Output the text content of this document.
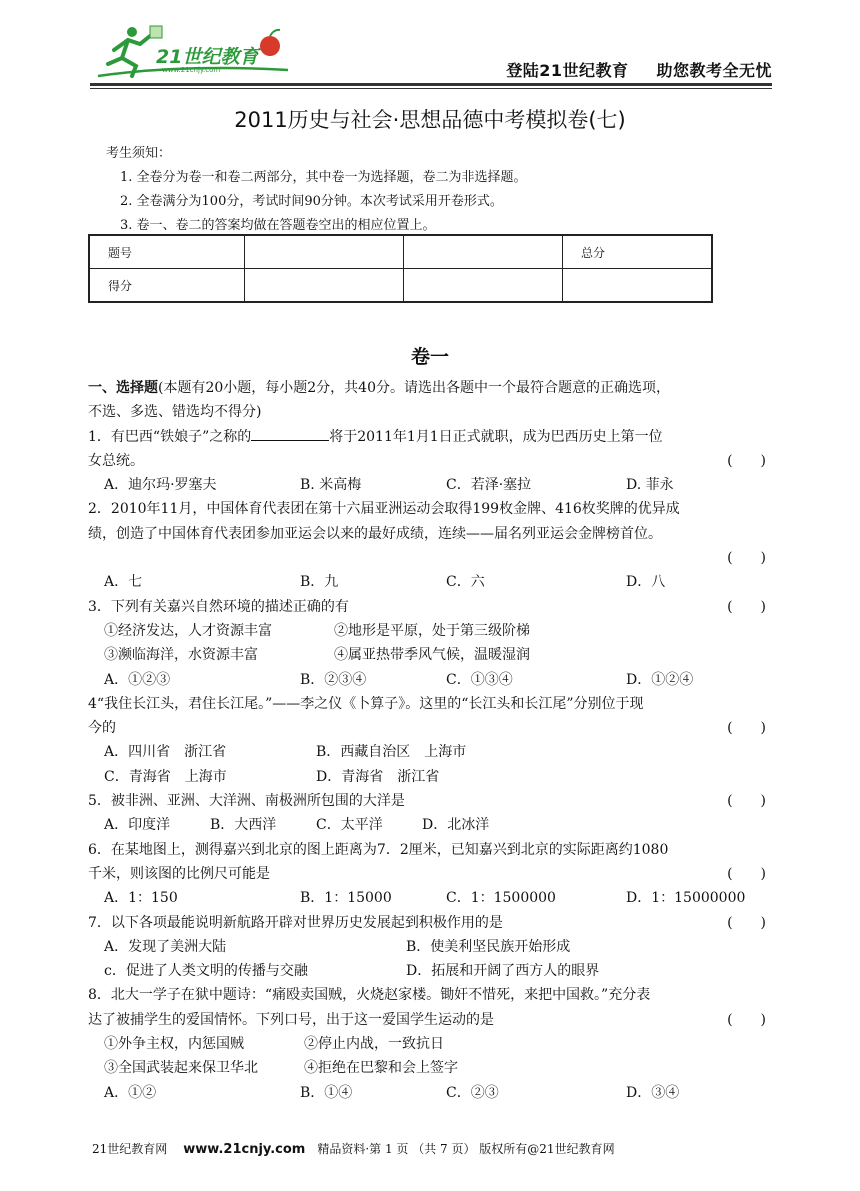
21世纪教育
www.21cnjy.com	登陆21世纪教育 助您教考全无忧
2011历史与社会·思想品德中考模拟卷(七)
考生须知：
1. 全卷分为卷一和卷二两部分，其中卷一为选择题，卷二为非选择题。
2. 全卷满分为100分，考试时间90分钟。本次考试采用开卷形式。
3. 卷一、卷二的答案均做在答题卷空出的相应位置上。
题号			总分
得分			
卷一
一、选择题(本题有20小题，每小题2分，共40分。请选出各题中一个最符合题意的正确选项，
不选、多选、错选均不得分)
1．有巴西“铁娘子”之称的	将于2011年1月1日正式就职，成为巴西历史上第一位
女总统。	(　　)
A．迪尔玛·罗塞夫	B. 米高梅	C．若泽·塞拉	D. 菲永
2．2010年11月，中国体育代表团在第十六届亚洲运动会取得199枚金牌、416枚奖牌的优异成
绩，创造了中国体育代表团参加亚运会以来的最好成绩，连续——届名列亚运会金牌榜首位。
(　　)
A．七	B．九	C．六	D．八
3．下列有关嘉兴自然环境的描述正确的有	(　　)
①经济发达，人才资源丰富	②地形是平原，处于第三级阶梯
③濒临海洋，水资源丰富	④属亚热带季风气候，温暖湿润
A．①②③	B．②③④	C．①③④	D．①②④
4“我住长江头，君住长江尾。”——李之仪《卜算子》。这里的“长江头和长江尾”分别位于现
今的	(　　)
A．四川省　浙江省	B．西藏自治区　上海市
C．青海省　上海市	D．青海省　浙江省
5．被非洲、亚洲、大洋洲、南极洲所包围的大洋是	(　　)
A．印度洋	B．大西洋	C．太平洋	D．北冰洋
6．在某地图上，测得嘉兴到北京的图上距离为7．2厘米，已知嘉兴到北京的实际距离约1080
千米，则该图的比例尺可能是	(　　)
A．1：150	B．1：15000	C．1：1500000	D．1：15000000
7．以下各项最能说明新航路开辟对世界历史发展起到积极作用的是	(　　)
A．发现了美洲大陆	B．使美利坚民族开始形成
c．促进了人类文明的传播与交融	D．拓展和开阔了西方人的眼界
8．北大一学子在狱中题诗：“痛殴卖国贼，火烧赵家楼。锄奸不惜死，来把中国救。”充分表
达了被捕学生的爱国情怀。下列口号，出于这一爱国学生运动的是	(　　)
①外争主权，内惩国贼	②停止内战，一致抗日
③全国武装起来保卫华北	④拒绝在巴黎和会上签字
A．①②	B．①④	C．②③	D．③④
21世纪教育网 www.21cnjy.com 精品资料·第 1 页 （共 7 页） 版权所有@21世纪教育网
